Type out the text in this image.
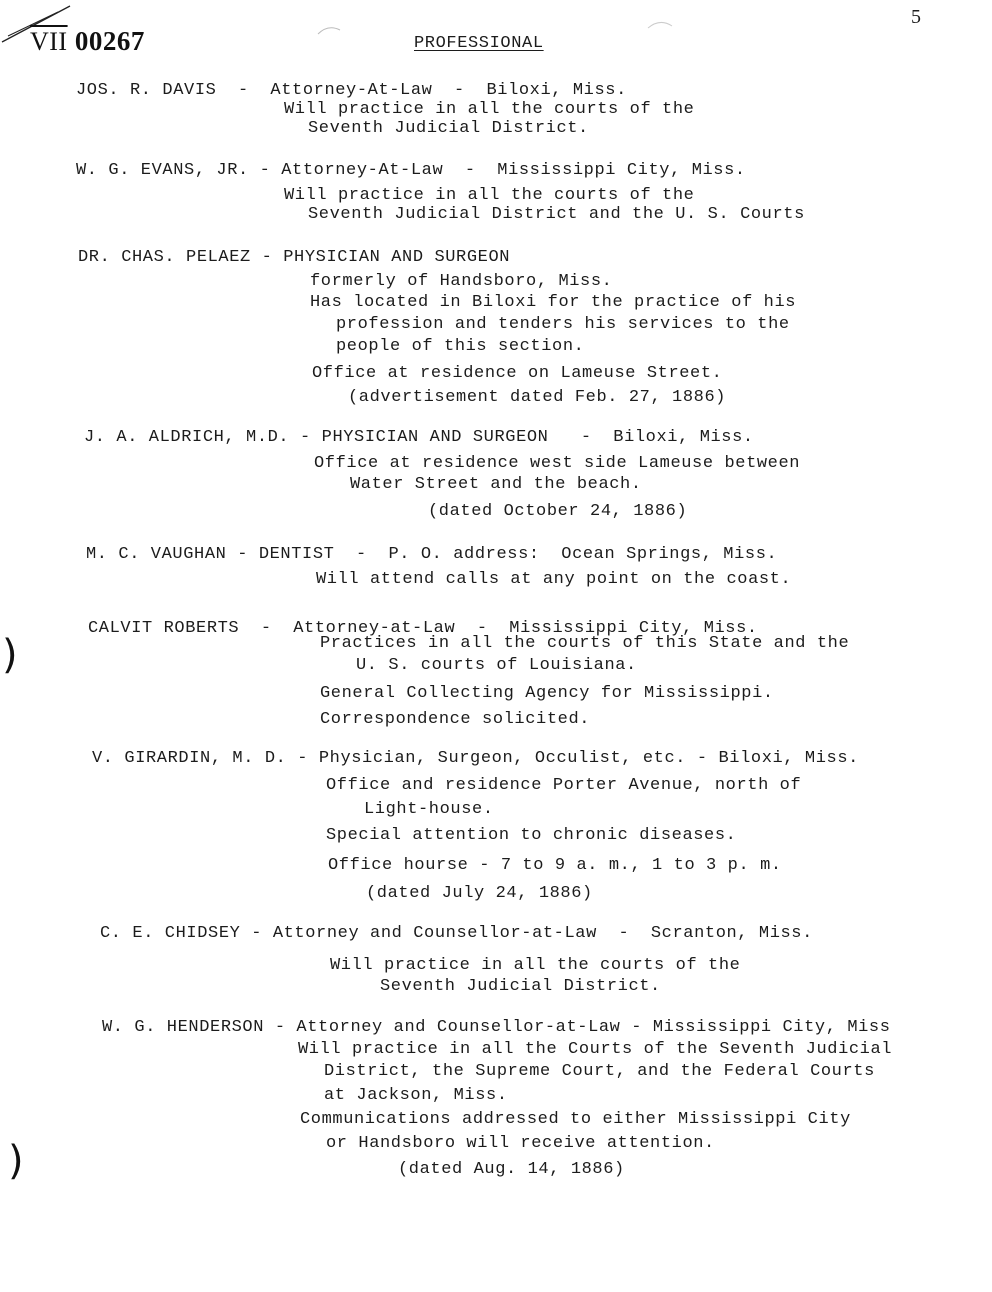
$\overline{VII}$ 00267
5
PROFESSIONAL
JOS. R. DAVIS  -  Attorney-At-Law  -  Biloxi, Miss.
Will practice in all the courts of the
Seventh Judicial District.
W. G. EVANS, JR. - Attorney-At-Law  -  Mississippi City, Miss.
Will practice in all the courts of the
Seventh Judicial District and the U. S. Courts
DR. CHAS. PELAEZ - PHYSICIAN AND SURGEON
formerly of Handsboro, Miss.
Has located in Biloxi for the practice of his
profession and tenders his services to the
people of this section.
Office at residence on Lameuse Street.
(advertisement dated Feb. 27, 1886)
J. A. ALDRICH, M.D. - PHYSICIAN AND SURGEON   -  Biloxi, Miss.
Office at residence west side Lameuse between
Water Street and the beach.
(dated October 24, 1886)
M. C. VAUGHAN - DENTIST  -  P. O. address:  Ocean Springs, Miss.
Will attend calls at any point on the coast.
CALVIT ROBERTS  -  Attorney-at-Law  -  Mississippi City, Miss.
Practices in all the courts of this State and the
U. S. courts of Louisiana.
General Collecting Agency for Mississippi.
Correspondence solicited.
V. GIRARDIN, M. D. - Physician, Surgeon, Occulist, etc. - Biloxi, Miss.
Office and residence Porter Avenue, north of
Light-house.
Special attention to chronic diseases.
Office hourse - 7 to 9 a. m., 1 to 3 p. m.
(dated July 24, 1886)
C. E. CHIDSEY - Attorney and Counsellor-at-Law  -  Scranton, Miss.
Will practice in all the courts of the
Seventh Judicial District.
W. G. HENDERSON - Attorney and Counsellor-at-Law - Mississippi City, Miss
Will practice in all the Courts of the Seventh Judicial
District, the Supreme Court, and the Federal Courts
at Jackson, Miss.
Communications addressed to either Mississippi City
or Handsboro will receive attention.
(dated Aug. 14, 1886)
)
)
